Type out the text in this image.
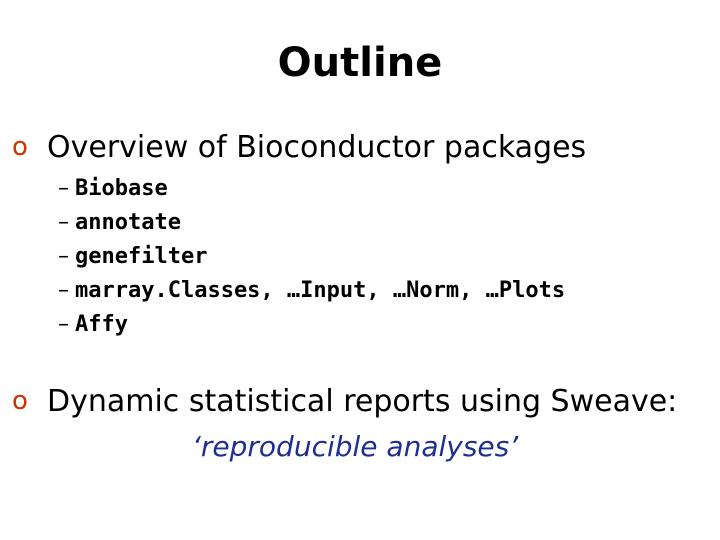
Outline
o Overview of Bioconductor packages
– Biobase
– annotate
– genefilter
– marray.Classes, …Input, …Norm, …Plots
– Affy
o Dynamic statistical reports using Sweave:
‘reproducible analyses’
